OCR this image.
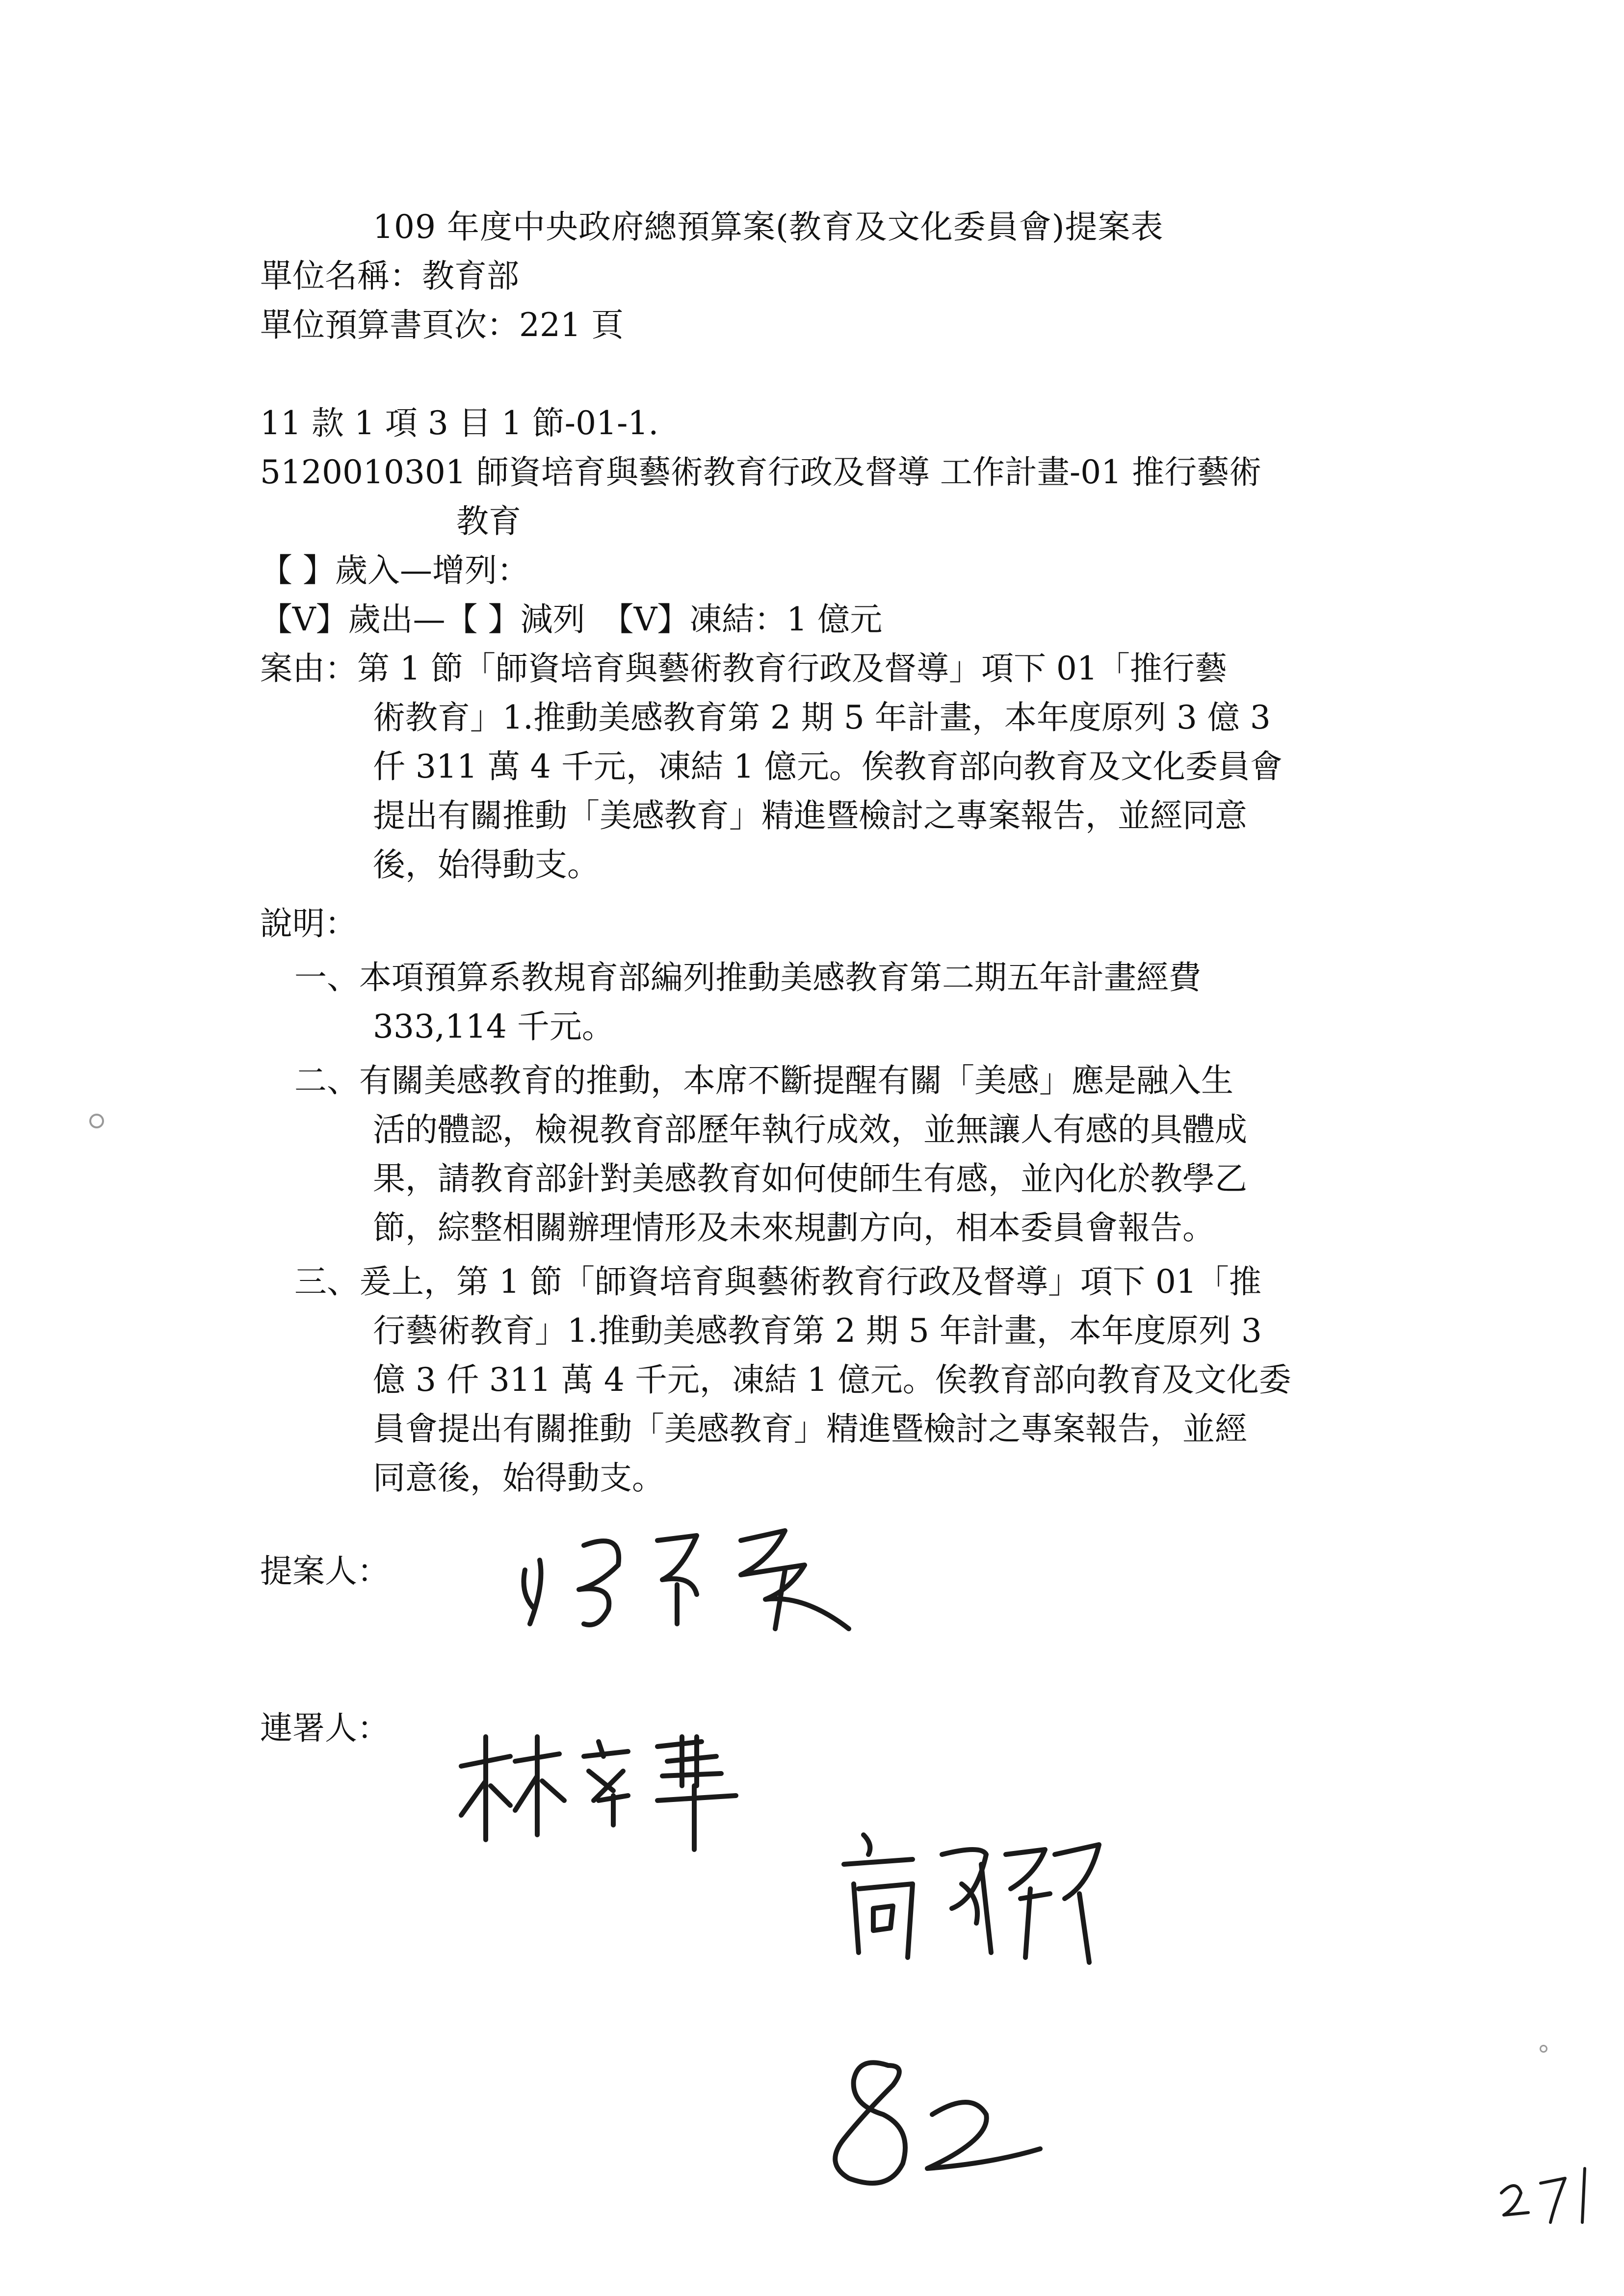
109 年度中央政府總預算案(教育及文化委員會)提案表
單位名稱：教育部
單位預算書頁次：221 頁
11 款 1 項 3 目 1 節-01-1.
5120010301 師資培育與藝術教育行政及督導 工作計畫-01 推行藝術
教育
【 】歲入—增列：
【V】歲出—【 】減列　【V】凍結：1 億元
案由：第 1 節「師資培育與藝術教育行政及督導」項下 01「推行藝
術教育」1.推動美感教育第 2 期 5 年計畫，本年度原列 3 億 3
仟 311 萬 4 千元，凍結 1 億元。俟教育部向教育及文化委員會
提出有關推動「美感教育」精進暨檢討之專案報告，並經同意
後，始得動支。
說明：
一、本項預算系教規育部編列推動美感教育第二期五年計畫經費
333,114 千元。
二、有關美感教育的推動，本席不斷提醒有關「美感」應是融入生
活的體認，檢視教育部歷年執行成效，並無讓人有感的具體成
果，請教育部針對美感教育如何使師生有感，並內化於教學乙
節，綜整相關辦理情形及未來規劃方向，相本委員會報告。
三、爰上，第 1 節「師資培育與藝術教育行政及督導」項下 01「推
行藝術教育」1.推動美感教育第 2 期 5 年計畫，本年度原列 3
億 3 仟 311 萬 4 千元，凍結 1 億元。俟教育部向教育及文化委
員會提出有關推動「美感教育」精進暨檢討之專案報告，並經
同意後，始得動支。
提案人：
連署人：
